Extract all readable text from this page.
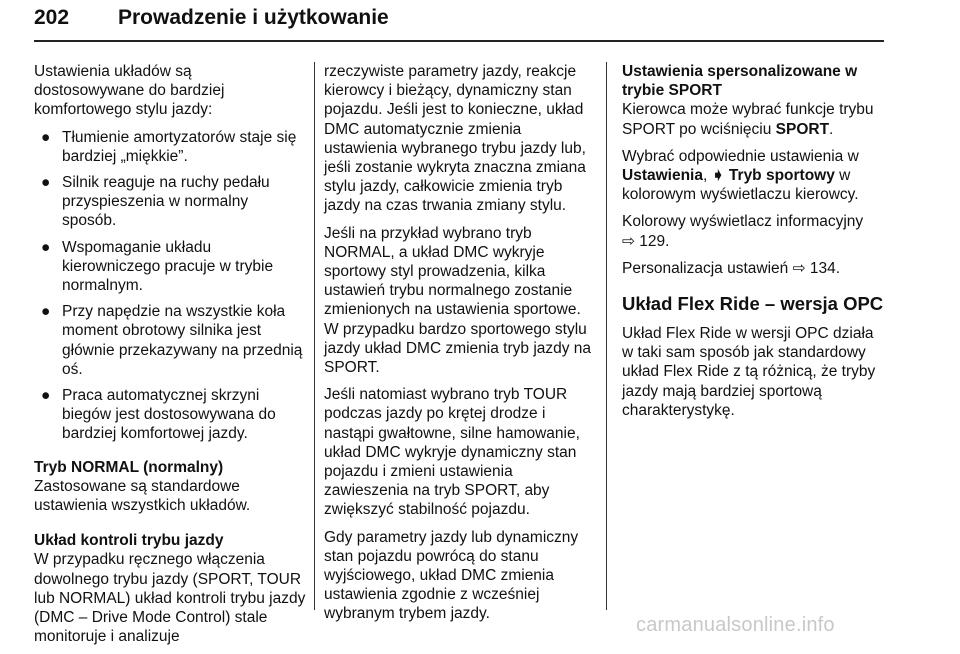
202 Prowadzenie i użytkowanie

Ustawienia układów są dostosowywane do bardziej komfortowego stylu jazdy:

● Tłumienie amortyzatorów staje się bardziej „miękkie”.
● Silnik reaguje na ruchy pedału przyspieszenia w normalny sposób.
● Wspomaganie układu kierowniczego pracuje w trybie normalnym.
● Przy napędzie na wszystkie koła moment obrotowy silnika jest głównie przekazywany na przednią oś.
● Praca automatycznej skrzyni biegów jest dostosowywana do bardziej komfortowej jazdy.

Tryb NORMAL (normalny)

Zastosowane są standardowe ustawienia wszystkich układów.

Układ kontroli trybu jazdy

W przypadku ręcznego włączenia dowolnego trybu jazdy (SPORT, TOUR lub NORMAL) układ kontroli trybu jazdy (DMC – Drive Mode Control) stale monitoruje i analizuje

rzeczywiste parametry jazdy, reakcje kierowcy i bieżący, dynamiczny stan pojazdu. Jeśli jest to konieczne, układ DMC automatycznie zmienia ustawienia wybranego trybu jazdy lub, jeśli zostanie wykryta znaczna zmiana stylu jazdy, całkowicie zmienia tryb jazdy na czas trwania zmiany stylu.

Jeśli na przykład wybrano tryb NORMAL, a układ DMC wykryje sportowy styl prowadzenia, kilka ustawień trybu normalnego zostanie zmienionych na ustawienia sportowe. W przypadku bardzo sportowego stylu jazdy układ DMC zmienia tryb jazdy na SPORT.

Jeśli natomiast wybrano tryb TOUR podczas jazdy po krętej drodze i nastąpi gwałtowne, silne hamowanie, układ DMC wykryje dynamiczny stan pojazdu i zmieni ustawienia zawieszenia na tryb SPORT, aby zwiększyć stabilność pojazdu.

Gdy parametry jazdy lub dynamiczny stan pojazdu powrócą do stanu wyjściowego, układ DMC zmienia ustawienia zgodnie z wcześniej wybranym trybem jazdy.

Ustawienia spersonalizowane w trybie SPORT

Kierowca może wybrać funkcje trybu SPORT po wciśnięciu SPORT.

Wybrać odpowiednie ustawienia w Ustawienia, ➧ Tryb sportowy w kolorowym wyświetlaczu kierowcy.

Kolorowy wyświetlacz informacyjny
⇨ 129.

Personalizacja ustawień ⇨ 134.

Układ Flex Ride – wersja OPC

Układ Flex Ride w wersji OPC działa w taki sam sposób jak standardowy układ Flex Ride z tą różnicą, że tryby jazdy mają bardziej sportową charakterystykę.

carmanualsonline.info
